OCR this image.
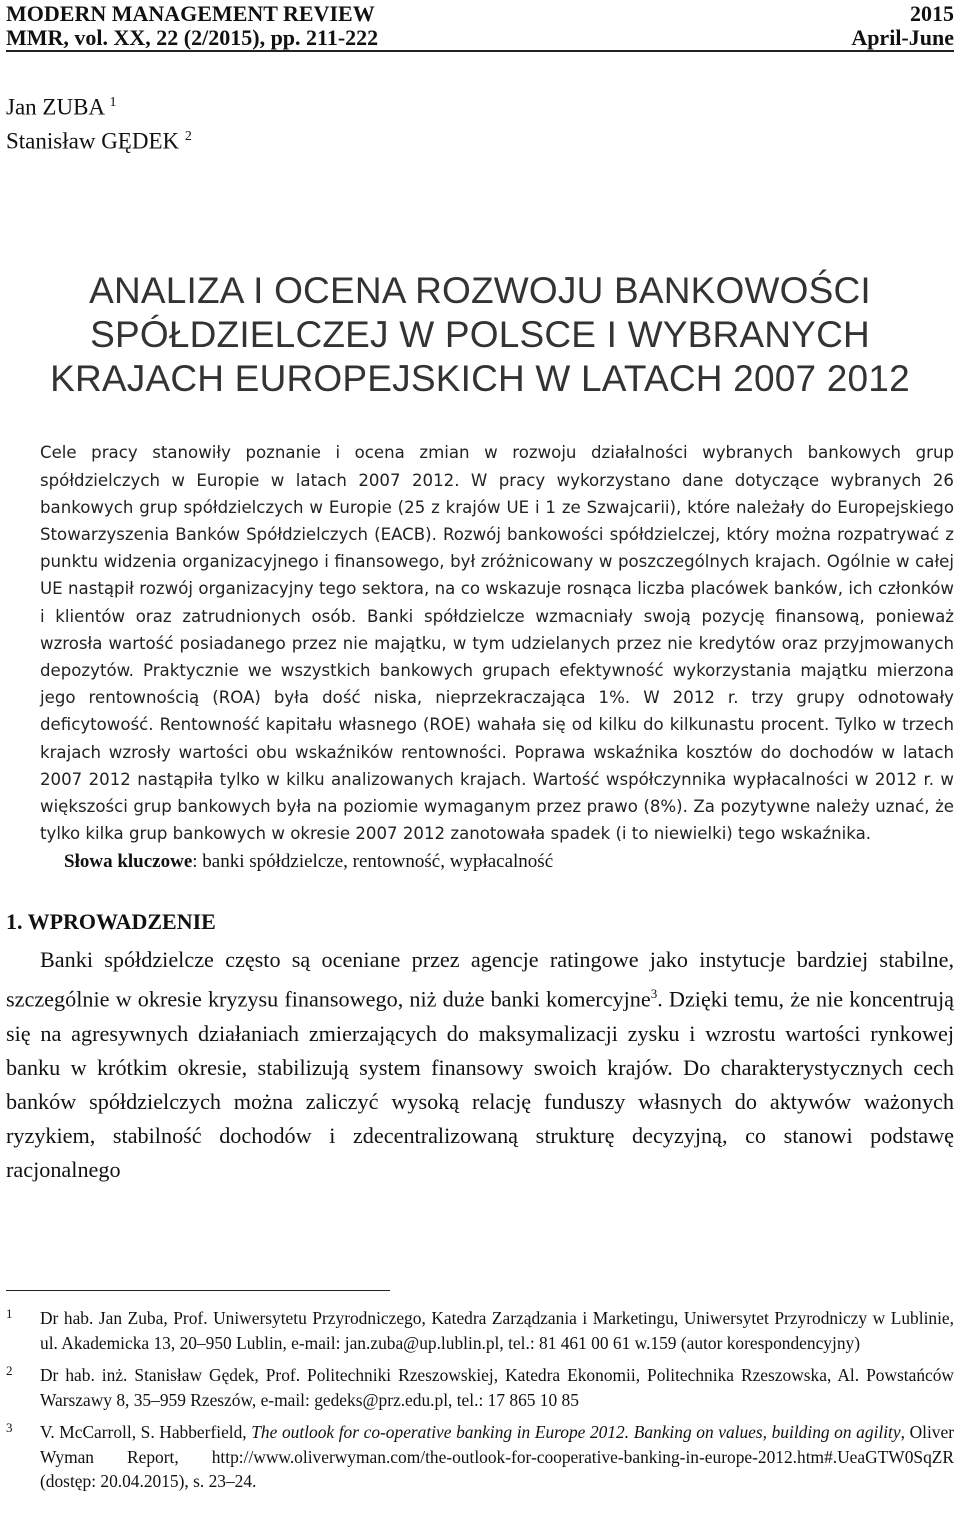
MODERN MANAGEMENT REVIEW	2015
MMR, vol. XX, 22 (2/2015), pp. 211-222	April-June
Jan ZUBA $^1$
Stanisław GĘDEK $^2$
ANALIZA I OCENA ROZWOJU BANKOWOŚCI
SPÓŁDZIELCZEJ W POLSCE I WYBRANYCH
KRAJACH EUROPEJSKICH W LATACH 2007 2012

Cele pracy stanowiły poznanie i ocena zmian w rozwoju działalności wybranych bankowych grup spółdzielczych w Europie w latach 2007 2012. W pracy wykorzystano dane dotyczące wybranych 26 bankowych grup spółdzielczych w Europie (25 z krajów UE i 1 ze Szwajcarii), które należały do Europejskiego Stowarzyszenia Banków Spółdzielczych (EACB). Rozwój bankowości spółdzielczej, który można rozpatrywać z punktu widzenia organizacyjnego i finansowego, był zróżnicowany w poszczególnych krajach. Ogólnie w całej UE nastąpił rozwój organizacyjny tego sektora, na co wskazuje rosnąca liczba placówek banków, ich członków i klientów oraz zatrudnionych osób. Banki spółdzielcze wzmacniały swoją pozycję finansową, ponieważ wzrosła wartość posiadanego przez nie majątku, w tym udzielanych przez nie kredytów oraz przyjmowanych depozytów. Praktycznie we wszystkich bankowych grupach efektywność wykorzystania majątku mierzona jego rentownością (ROA) była dość niska, nieprzekraczająca 1%. W 2012 r. trzy grupy odnotowały deficytowość. Rentowność kapitału własnego (ROE) wahała się od kilku do kilkunastu procent. Tylko w trzech krajach wzrosły wartości obu wskaźników rentowności. Poprawa wskaźnika kosztów do dochodów w latach 2007 2012 nastąpiła tylko w kilku analizowanych krajach. Wartość współczynnika wypłacalności w 2012 r. w większości grup bankowych była na poziomie wymaganym przez prawo (8%). Za pozytywne należy uznać, że tylko kilka grup bankowych w okresie 2007 2012 zanotowała spadek (i to niewielki) tego wskaźnika.

Słowa kluczowe: banki spółdzielcze, rentowność, wypłacalność
1. WPROWADZENIE
Banki spółdzielcze często są oceniane przez agencje ratingowe jako instytucje bardziej stabilne, szczególnie w okresie kryzysu finansowego, niż duże banki komercyjne$^3$. Dzięki temu, że nie koncentrują się na agresywnych działaniach zmierzających do maksymalizacji zysku i wzrostu wartości rynkowej banku w krótkim okresie, stabilizują system finansowy swoich krajów. Do charakterystycznych cech banków spółdzielczych można zaliczyć wysoką relację funduszy własnych do aktywów ważonych ryzykiem, stabilność dochodów i zdecentralizowaną strukturę decyzyjną, co stanowi podstawę racjonalnego
1 Dr hab. Jan Zuba, Prof. Uniwersytetu Przyrodniczego, Katedra Zarządzania i Marketingu, Uniwersytet Przyrodniczy w Lublinie, ul. Akademicka 13, 20–950 Lublin, e-mail: jan.zuba@up.lublin.pl, tel.: 81 461 00 61 w.159 (autor korespondencyjny)
2 Dr hab. inż. Stanisław Gędek, Prof. Politechniki Rzeszowskiej, Katedra Ekonomii, Politechnika Rzeszowska, Al. Powstańców Warszawy 8, 35–959 Rzeszów, e-mail: gedeks@prz.edu.pl, tel.: 17 865 10 85
3 V. McCarroll, S. Habberfield, The outlook for co-operative banking in Europe 2012. Banking on values, building on agility, Oliver Wyman Report, http://www.oliverwyman.com/the-outlook-for-cooperative-banking-in-europe-2012.htm#.UeaGTW0SqZR (dostęp: 20.04.2015), s. 23–24.
